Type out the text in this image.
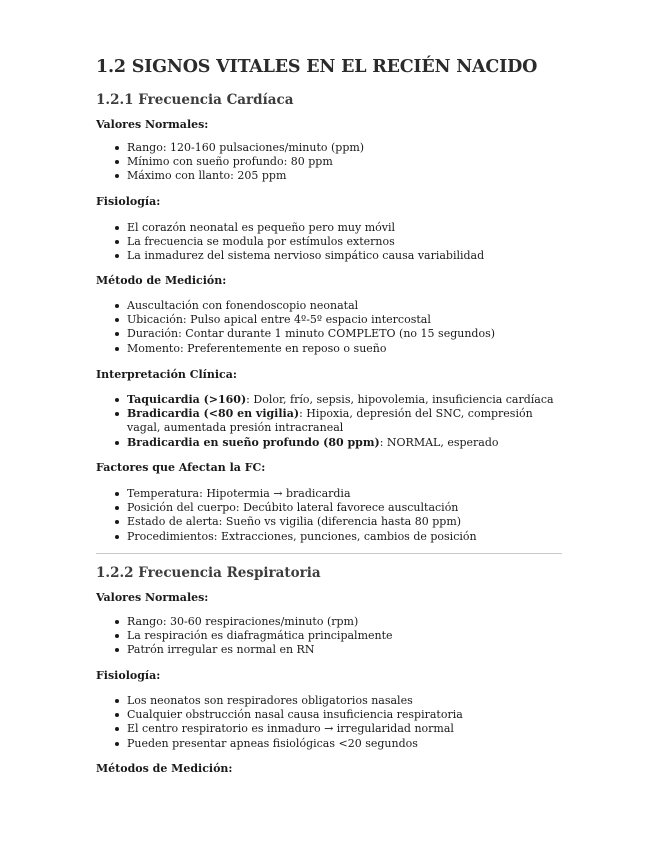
1.2 SIGNOS VITALES EN EL RECIÉN NACIDO
1.2.1 Frecuencia Cardíaca

Valores Normales:

Rango: 120-160 pulsaciones/minuto (ppm)
Mínimo con sueño profundo: 80 ppm
Máximo con llanto: 205 ppm

Fisiología:

El corazón neonatal es pequeño pero muy móvil
La frecuencia se modula por estímulos externos
La inmadurez del sistema nervioso simpático causa variabilidad

Método de Medición:

Auscultación con fonendoscopio neonatal
Ubicación: Pulso apical entre 4º-5º espacio intercostal
Duración: Contar durante 1 minuto COMPLETO (no 15 segundos)
Momento: Preferentemente en reposo o sueño

Interpretación Clínica:

Taquicardia (>160): Dolor, frío, sepsis, hipovolemia, insuficiencia cardíaca
Bradicardia (<80 en vigilia): Hipoxia, depresión del SNC, compresión vagal, aumentada presión intracraneal
Bradicardia en sueño profundo (80 ppm): NORMAL, esperado

Factores que Afectan la FC:

Temperatura: Hipotermia → bradicardia
Posición del cuerpo: Decúbito lateral favorece auscultación
Estado de alerta: Sueño vs vigilia (diferencia hasta 80 ppm)
Procedimientos: Extracciones, punciones, cambios de posición
1.2.2 Frecuencia Respiratoria

Valores Normales:

Rango: 30-60 respiraciones/minuto (rpm)
La respiración es diafragmática principalmente
Patrón irregular es normal en RN

Fisiología:

Los neonatos son respiradores obligatorios nasales
Cualquier obstrucción nasal causa insuficiencia respiratoria
El centro respiratorio es inmaduro → irregularidad normal
Pueden presentar apneas fisiológicas <20 segundos

Métodos de Medición:
